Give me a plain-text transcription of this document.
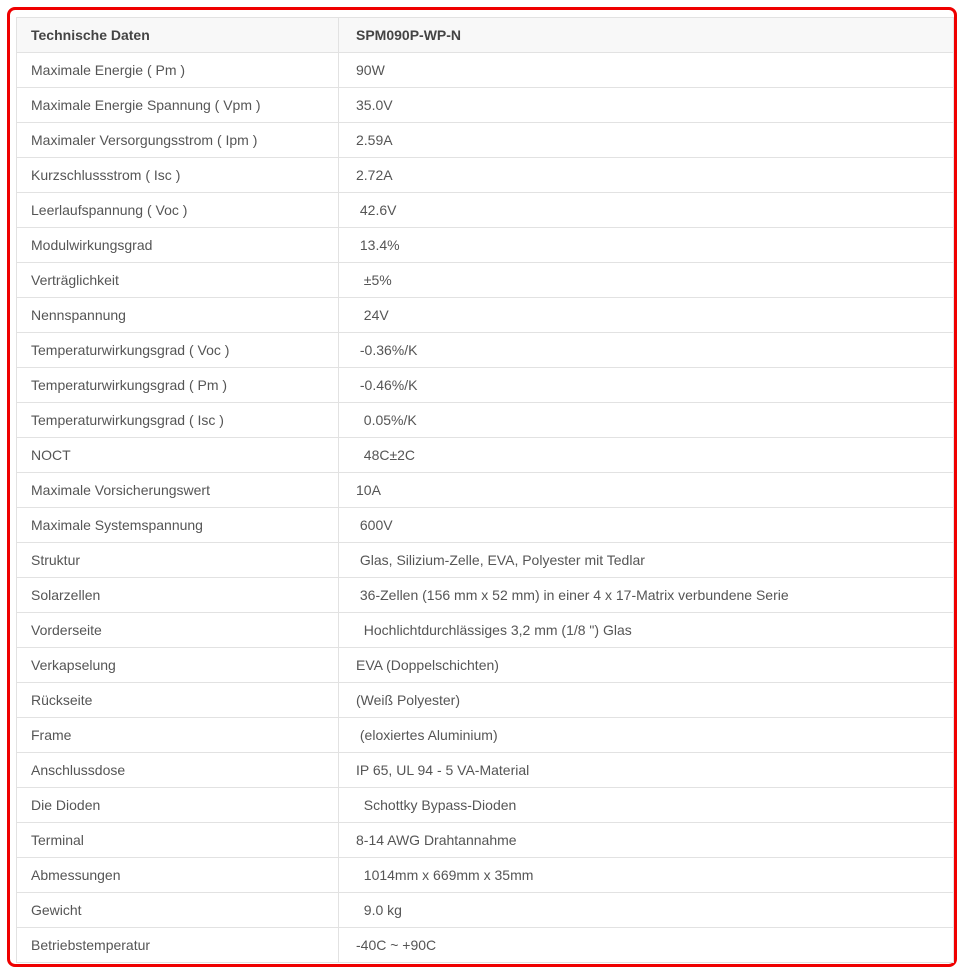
Technische Daten	SPM090P-WP-N
Maximale Energie ( Pm )	90W
Maximale Energie Spannung ( Vpm )	35.0V
Maximaler Versorgungsstrom ( Ipm )	2.59A
Kurzschlussstrom ( Isc )	2.72A
Leerlaufspannung ( Voc )	42.6V
Modulwirkungsgrad	13.4%
Verträglichkeit	±5%
Nennspannung	24V
Temperaturwirkungsgrad ( Voc )	-0.36%/K
Temperaturwirkungsgrad ( Pm )	-0.46%/K
Temperaturwirkungsgrad ( Isc )	0.05%/K
NOCT	48C±2C
Maximale Vorsicherungswert	10A
Maximale Systemspannung	600V
Struktur	Glas, Silizium-Zelle, EVA, Polyester mit Tedlar
Solarzellen	36-Zellen (156 mm x 52 mm) in einer 4 x 17-Matrix verbundene Serie
Vorderseite	Hochlichtdurchlässiges 3,2 mm (1/8 ") Glas
Verkapselung	EVA (Doppelschichten)
Rückseite	(Weiß Polyester)
Frame	(eloxiertes Aluminium)
Anschlussdose	IP 65, UL 94 - 5 VA-Material
Die Dioden	Schottky Bypass-Dioden
Terminal	8-14 AWG Drahtannahme
Abmessungen	1014mm x 669mm x 35mm
Gewicht	9.0 kg
Betriebstemperatur	-40C ~ +90C
